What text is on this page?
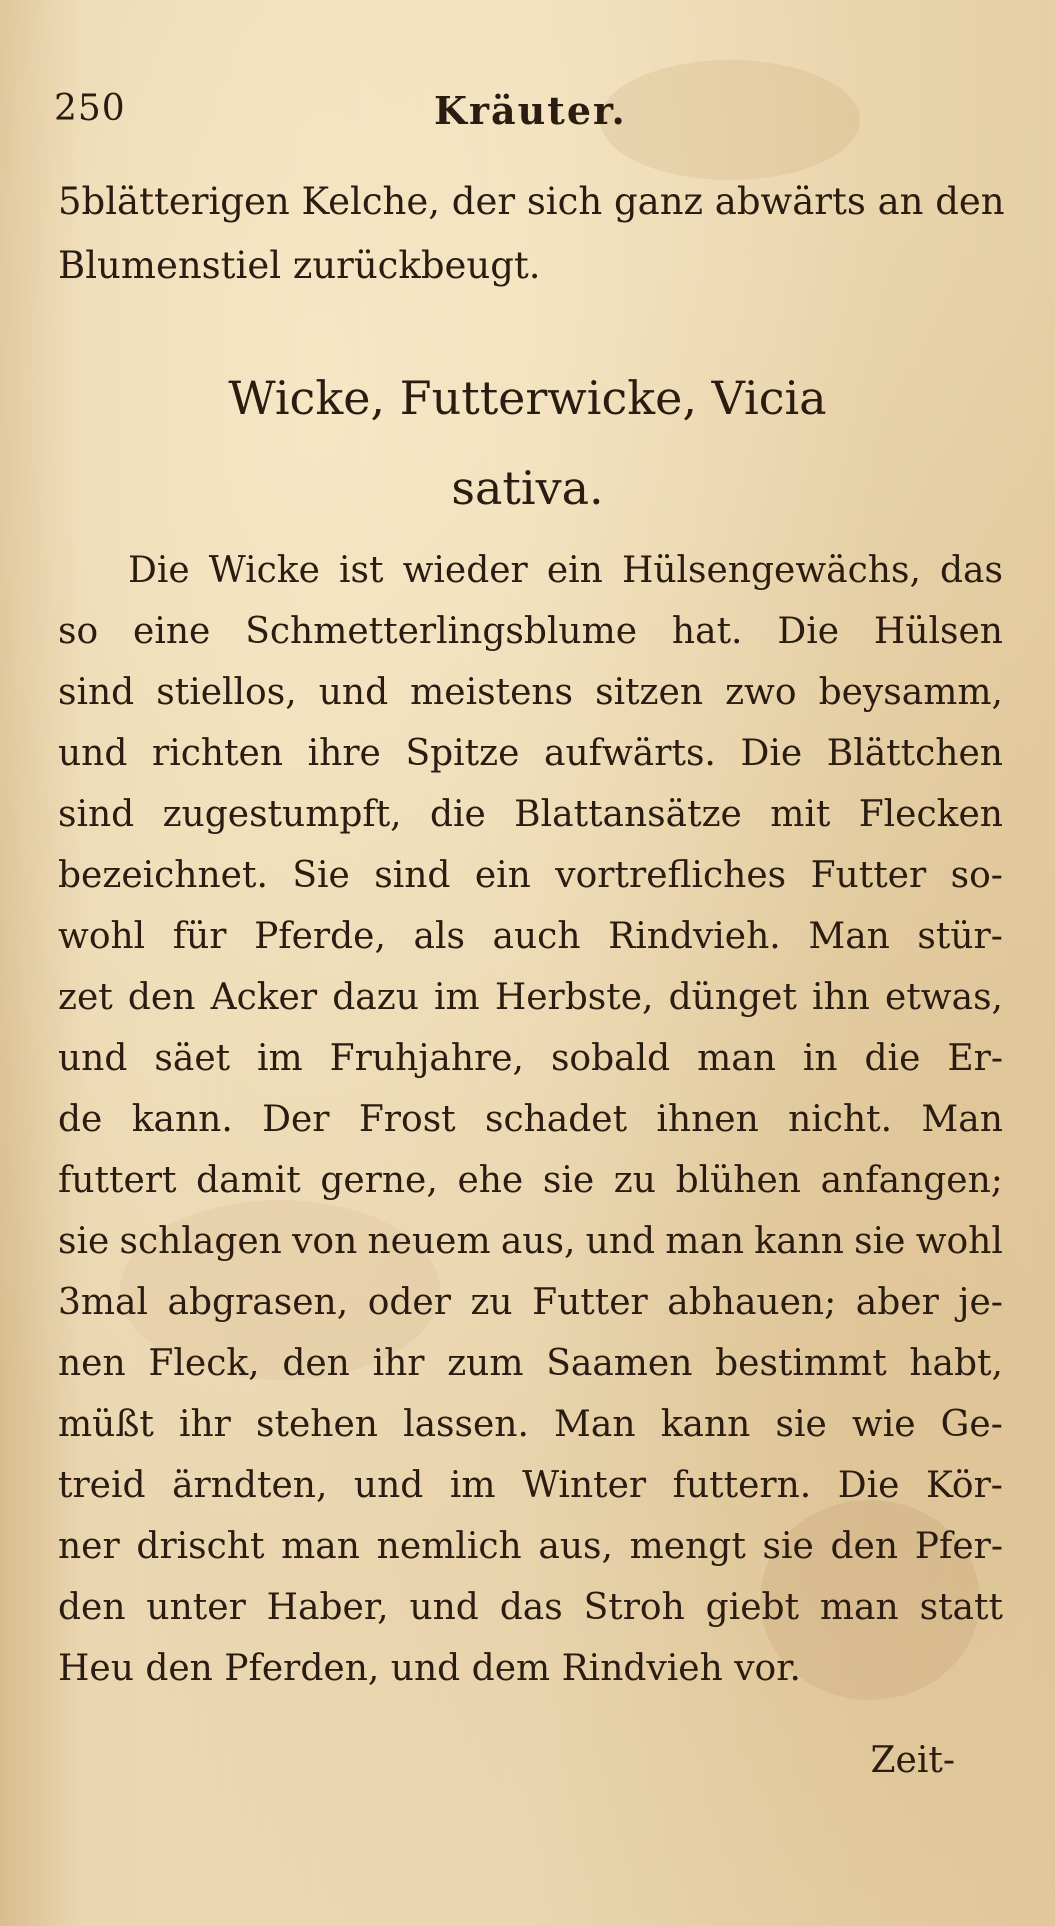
250	Kräuter.
5blätterigen Kelche, der sich ganz abwärts an den
Blumenstiel zurückbeugt.
Wicke, Futterwicke, Vicia
sativa.
Die Wicke ist wieder ein Hülsengewächs, das
so eine Schmetterlingsblume hat. Die Hülsen
sind stiellos, und meistens sitzen zwo beysamm,
und richten ihre Spitze aufwärts. Die Blättchen
sind zugestumpft, die Blattansätze mit Flecken
bezeichnet. Sie sind ein vortrefliches Futter so-
wohl für Pferde, als auch Rindvieh. Man stür-
zet den Acker dazu im Herbste, dünget ihn etwas,
und säet im Fruhjahre, sobald man in die Er-
de kann. Der Frost schadet ihnen nicht. Man
futtert damit gerne, ehe sie zu blühen anfangen;
sie schlagen von neuem aus, und man kann sie wohl
3mal abgrasen, oder zu Futter abhauen; aber je-
nen Fleck, den ihr zum Saamen bestimmt habt,
müßt ihr stehen lassen. Man kann sie wie Ge-
treid ärndten, und im Winter futtern. Die Kör-
ner drischt man nemlich aus, mengt sie den Pfer-
den unter Haber, und das Stroh giebt man statt
Heu den Pferden, und dem Rindvieh vor.
Zeit-
